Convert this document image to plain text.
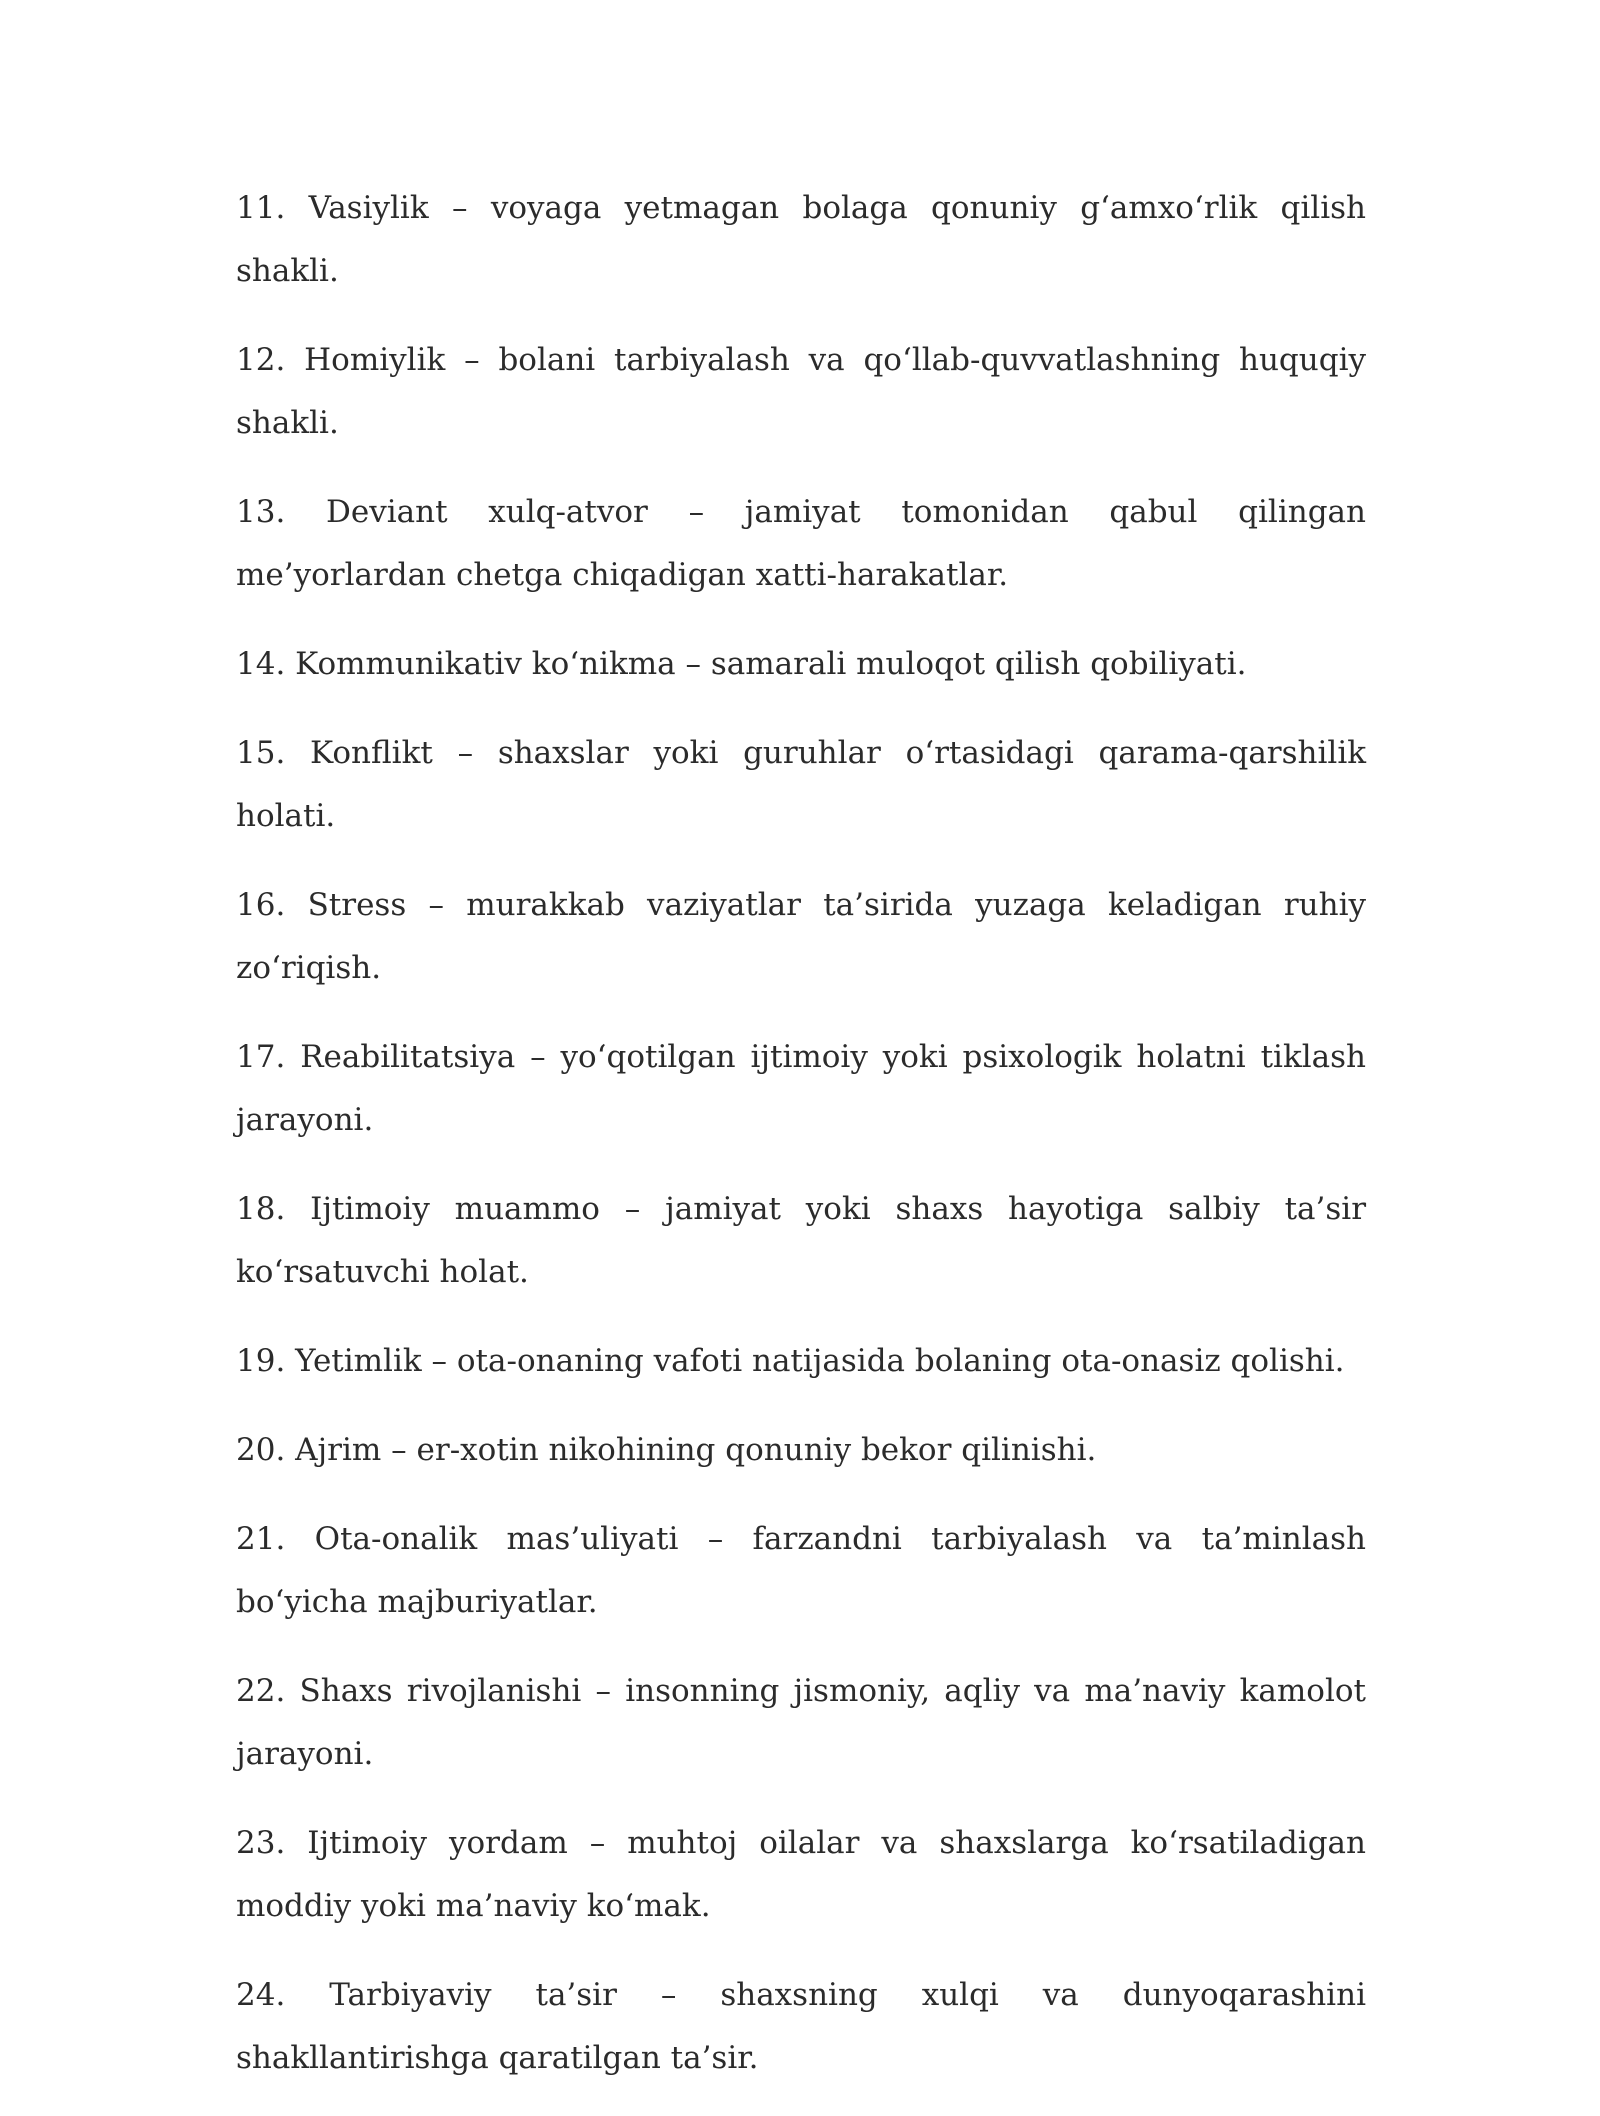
11. Vasiylik – voyaga yetmagan bolaga qonuniy g‘amxo‘rlik qilish shakli.
12. Homiylik – bolani tarbiyalash va qo‘llab-quvvatlashning huquqiy shakli.
13. Deviant xulq-atvor – jamiyat tomonidan qabul qilingan me’yorlardan chetga chiqadigan xatti-harakatlar.
14. Kommunikativ ko‘nikma – samarali muloqot qilish qobiliyati.
15. Konflikt – shaxslar yoki guruhlar o‘rtasidagi qarama-qarshilik holati.
16. Stress – murakkab vaziyatlar ta’sirida yuzaga keladigan ruhiy zo‘riqish.
17. Reabilitatsiya – yo‘qotilgan ijtimoiy yoki psixologik holatni tiklash jarayoni.
18. Ijtimoiy muammo – jamiyat yoki shaxs hayotiga salbiy ta’sir ko‘rsatuvchi holat.
19. Yetimlik – ota-onaning vafoti natijasida bolaning ota-onasiz qolishi.
20. Ajrim – er-xotin nikohining qonuniy bekor qilinishi.
21. Ota-onalik mas’uliyati – farzandni tarbiyalash va ta’minlash bo‘yicha majburiyatlar.
22. Shaxs rivojlanishi – insonning jismoniy, aqliy va ma’naviy kamolot jarayoni.
23. Ijtimoiy yordam – muhtoj oilalar va shaxslarga ko‘rsatiladigan moddiy yoki ma’naviy ko‘mak.
24. Tarbiyaviy ta’sir – shaxsning xulqi va dunyoqarashini shakllantirishga qaratilgan ta’sir.
